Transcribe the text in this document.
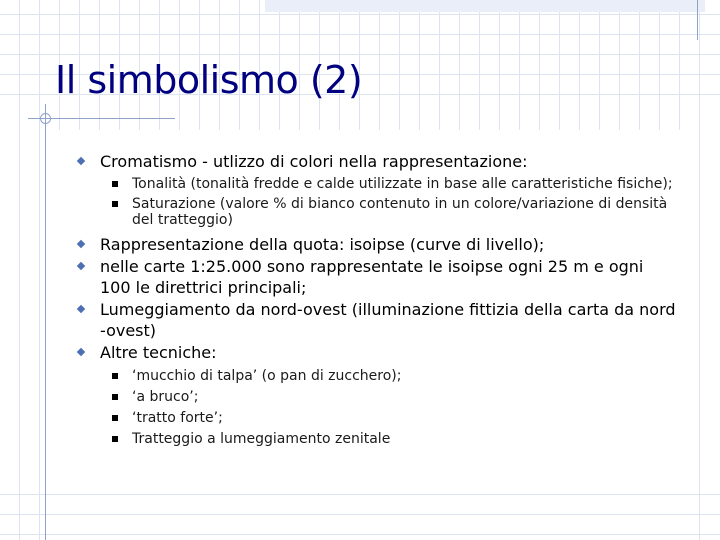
Il simbolismo (2)
Cromatismo - utlizzo di colori nella rappresentazione:
Tonalità (tonalità fredde e calde utilizzate in base alle caratteristiche fisiche);
Saturazione (valore % di bianco contenuto in un colore/variazione di densità del tratteggio)
Rappresentazione della quota: isoipse (curve di livello);
nelle carte 1:25.000 sono rappresentate le isoipse ogni 25 m e ogni 100 le direttrici principali;
Lumeggiamento da nord-ovest (illuminazione fittizia della carta da nord -ovest)
Altre tecniche:
‘mucchio di talpa’ (o pan di zucchero);
‘a bruco’;
‘tratto forte’;
Tratteggio a lumeggiamento zenitale
